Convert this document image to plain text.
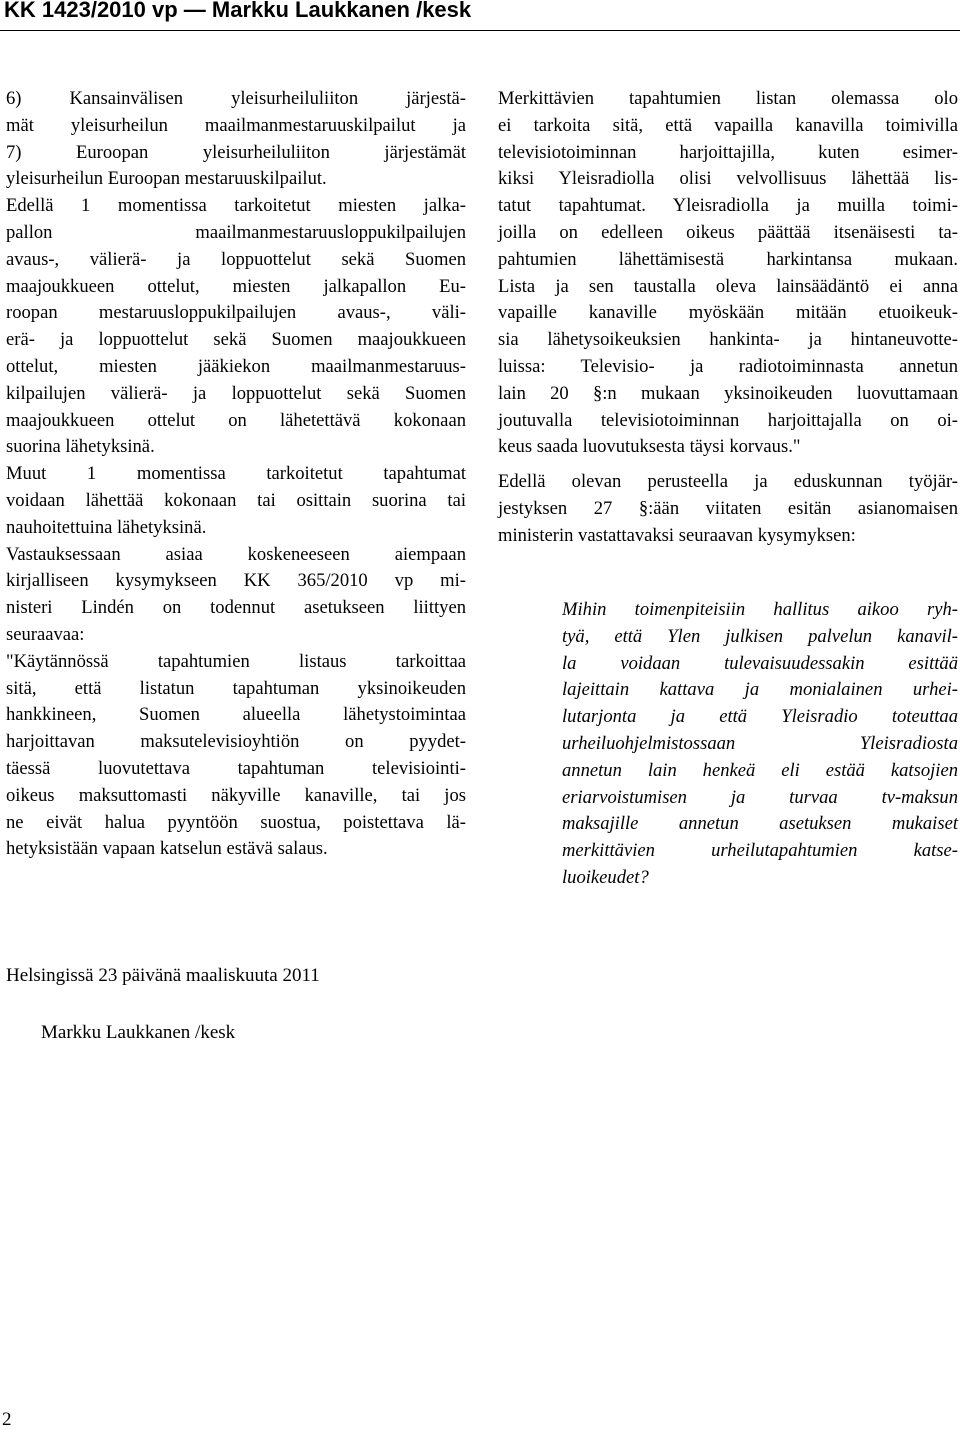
KK 1423/2010 vp — Markku Laukkanen /kesk

6) Kansainvälisen yleisurheiluliiton järjestä-
mät yleisurheilun maailmanmestaruuskilpailut ja
7) Euroopan yleisurheiluliiton järjestämät
yleisurheilun Euroopan mestaruuskilpailut.

Edellä 1 momentissa tarkoitetut miesten jalka-
pallon maailmanmestaruusloppukilpailujen
avaus-, välierä- ja loppuottelut sekä Suomen
maajoukkueen ottelut, miesten jalkapallon Eu-
roopan mestaruusloppukilpailujen avaus-, väli-
erä- ja loppuottelut sekä Suomen maajoukkueen
ottelut, miesten jääkiekon maailmanmestaruus-
kilpailujen välierä- ja loppuottelut sekä Suomen
maajoukkueen ottelut on lähetettävä kokonaan
suorina lähetyksinä.

Muut 1 momentissa tarkoitetut tapahtumat
voidaan lähettää kokonaan tai osittain suorina tai
nauhoitettuina lähetyksinä.

Vastauksessaan asiaa koskeneeseen aiempaan
kirjalliseen kysymykseen KK 365/2010 vp mi-
nisteri Lindén on todennut asetukseen liittyen
seuraavaa:

"Käytännössä tapahtumien listaus tarkoittaa
sitä, että listatun tapahtuman yksinoikeuden
hankkineen, Suomen alueella lähetystoimintaa
harjoittavan maksutelevisioyhtiön on pyydet-
täessä luovutettava tapahtuman televisiointi-
oikeus maksuttomasti näkyville kanaville, tai jos
ne eivät halua pyyntöön suostua, poistettava lä-
hetyksistään vapaan katselun estävä salaus.

Merkittävien tapahtumien listan olemassa olo
ei tarkoita sitä, että vapailla kanavilla toimivilla
televisiotoiminnan harjoittajilla, kuten esimer-
kiksi Yleisradiolla olisi velvollisuus lähettää lis-
tatut tapahtumat. Yleisradiolla ja muilla toimi-
joilla on edelleen oikeus päättää itsenäisesti ta-
pahtumien lähettämisestä harkintansa mukaan.
Lista ja sen taustalla oleva lainsäädäntö ei anna
vapaille kanaville myöskään mitään etuoikeuk-
sia lähetysoikeuksien hankinta- ja hintaneuvotte-
luissa: Televisio- ja radiotoiminnasta annetun
lain 20 §:n mukaan yksinoikeuden luovuttamaan
joutuvalla televisiotoiminnan harjoittajalla on oi-
keus saada luovutuksesta täysi korvaus."

Edellä olevan perusteella ja eduskunnan työjär-
jestyksen 27 §:ään viitaten esitän asianomaisen
ministerin vastattavaksi seuraavan kysymyksen:

Mihin toimenpiteisiin hallitus aikoo ryh-
tyä, että Ylen julkisen palvelun kanavil-
la voidaan tulevaisuudessakin esittää
lajeittain kattava ja monialainen urhei-
lutarjonta ja että Yleisradio toteuttaa
urheiluohjelmistossaan Yleisradiosta
annetun lain henkeä eli estää katsojien
eriarvoistumisen ja turvaa tv-maksun
maksajille annetun asetuksen mukaiset
merkittävien urheilutapahtumien katse-
luoikeudet?

Helsingissä 23 päivänä maaliskuuta 2011
Markku Laukkanen /kesk
2
